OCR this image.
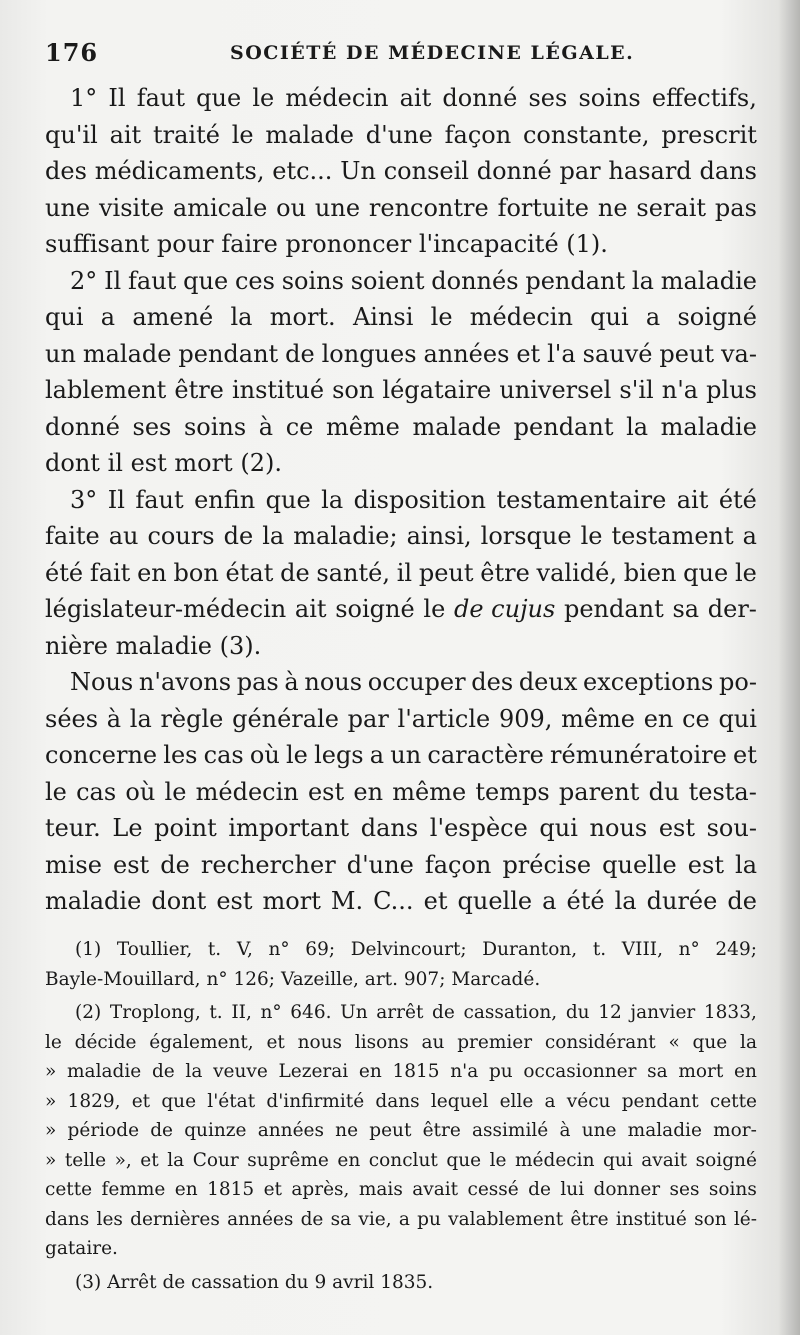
176	SOCIÉTÉ DE MÉDECINE LÉGALE.
1° Il faut que le médecin ait donné ses soins effectifs,
qu'il ait traité le malade d'une façon constante, prescrit
des médicaments, etc... Un conseil donné par hasard dans
une visite amicale ou une rencontre fortuite ne serait pas
suffisant
pour
faire
prononcer
l'incapacité
(1).
2° Il faut que ces soins soient donnés pendant la maladie
qui a amené la mort. Ainsi le médecin qui a soigné
un malade pendant de longues années et l'a sauvé peut va-
lablement être institué son légataire universel s'il n'a plus
donné ses soins à ce même malade pendant la maladie
dont
il
est
mort
(2).
3° Il faut enfin que la disposition testamentaire ait été
faite au cours de la maladie; ainsi, lorsque le testament a
été fait en bon état de santé, il peut être validé, bien que le
législateur-médecin ait soigné le de cujus pendant sa der-
nière
maladie
(3).
Nous n'avons pas à nous occuper des deux exceptions po-
sées à la règle générale par l'article 909, même en ce qui
concerne les cas où le legs a un caractère rémunératoire et
le cas où le médecin est en même temps parent du testa-
teur. Le point important dans l'espèce qui nous est sou-
mise est de rechercher d'une façon précise quelle est la
maladie dont est mort M. C... et quelle a été la durée de
(1) Toullier, t. V, n° 69; Delvincourt; Duranton, t. VIII, n° 249;
Bayle-Mouillard,
n°
126;
Vazeille,
art.
907;
Marcadé.
(2) Troplong, t. II, n° 646. Un arrêt de cassation, du 12 janvier 1833,
le décide également, et nous lisons au premier considérant « que la
» maladie de la veuve Lezerai en 1815 n'a pu occasionner sa mort en
» 1829, et que l'état d'infirmité dans lequel elle a vécu pendant cette
» période de quinze années ne peut être assimilé à une maladie mor-
» telle », et la Cour suprême en conclut que le médecin qui avait soigné
cette femme en 1815 et après, mais avait cessé de lui donner ses soins
dans les dernières années de sa vie, a pu valablement être institué son lé-
gataire.
(3)
Arrêt
de
cassation
du
9
avril
1835.
